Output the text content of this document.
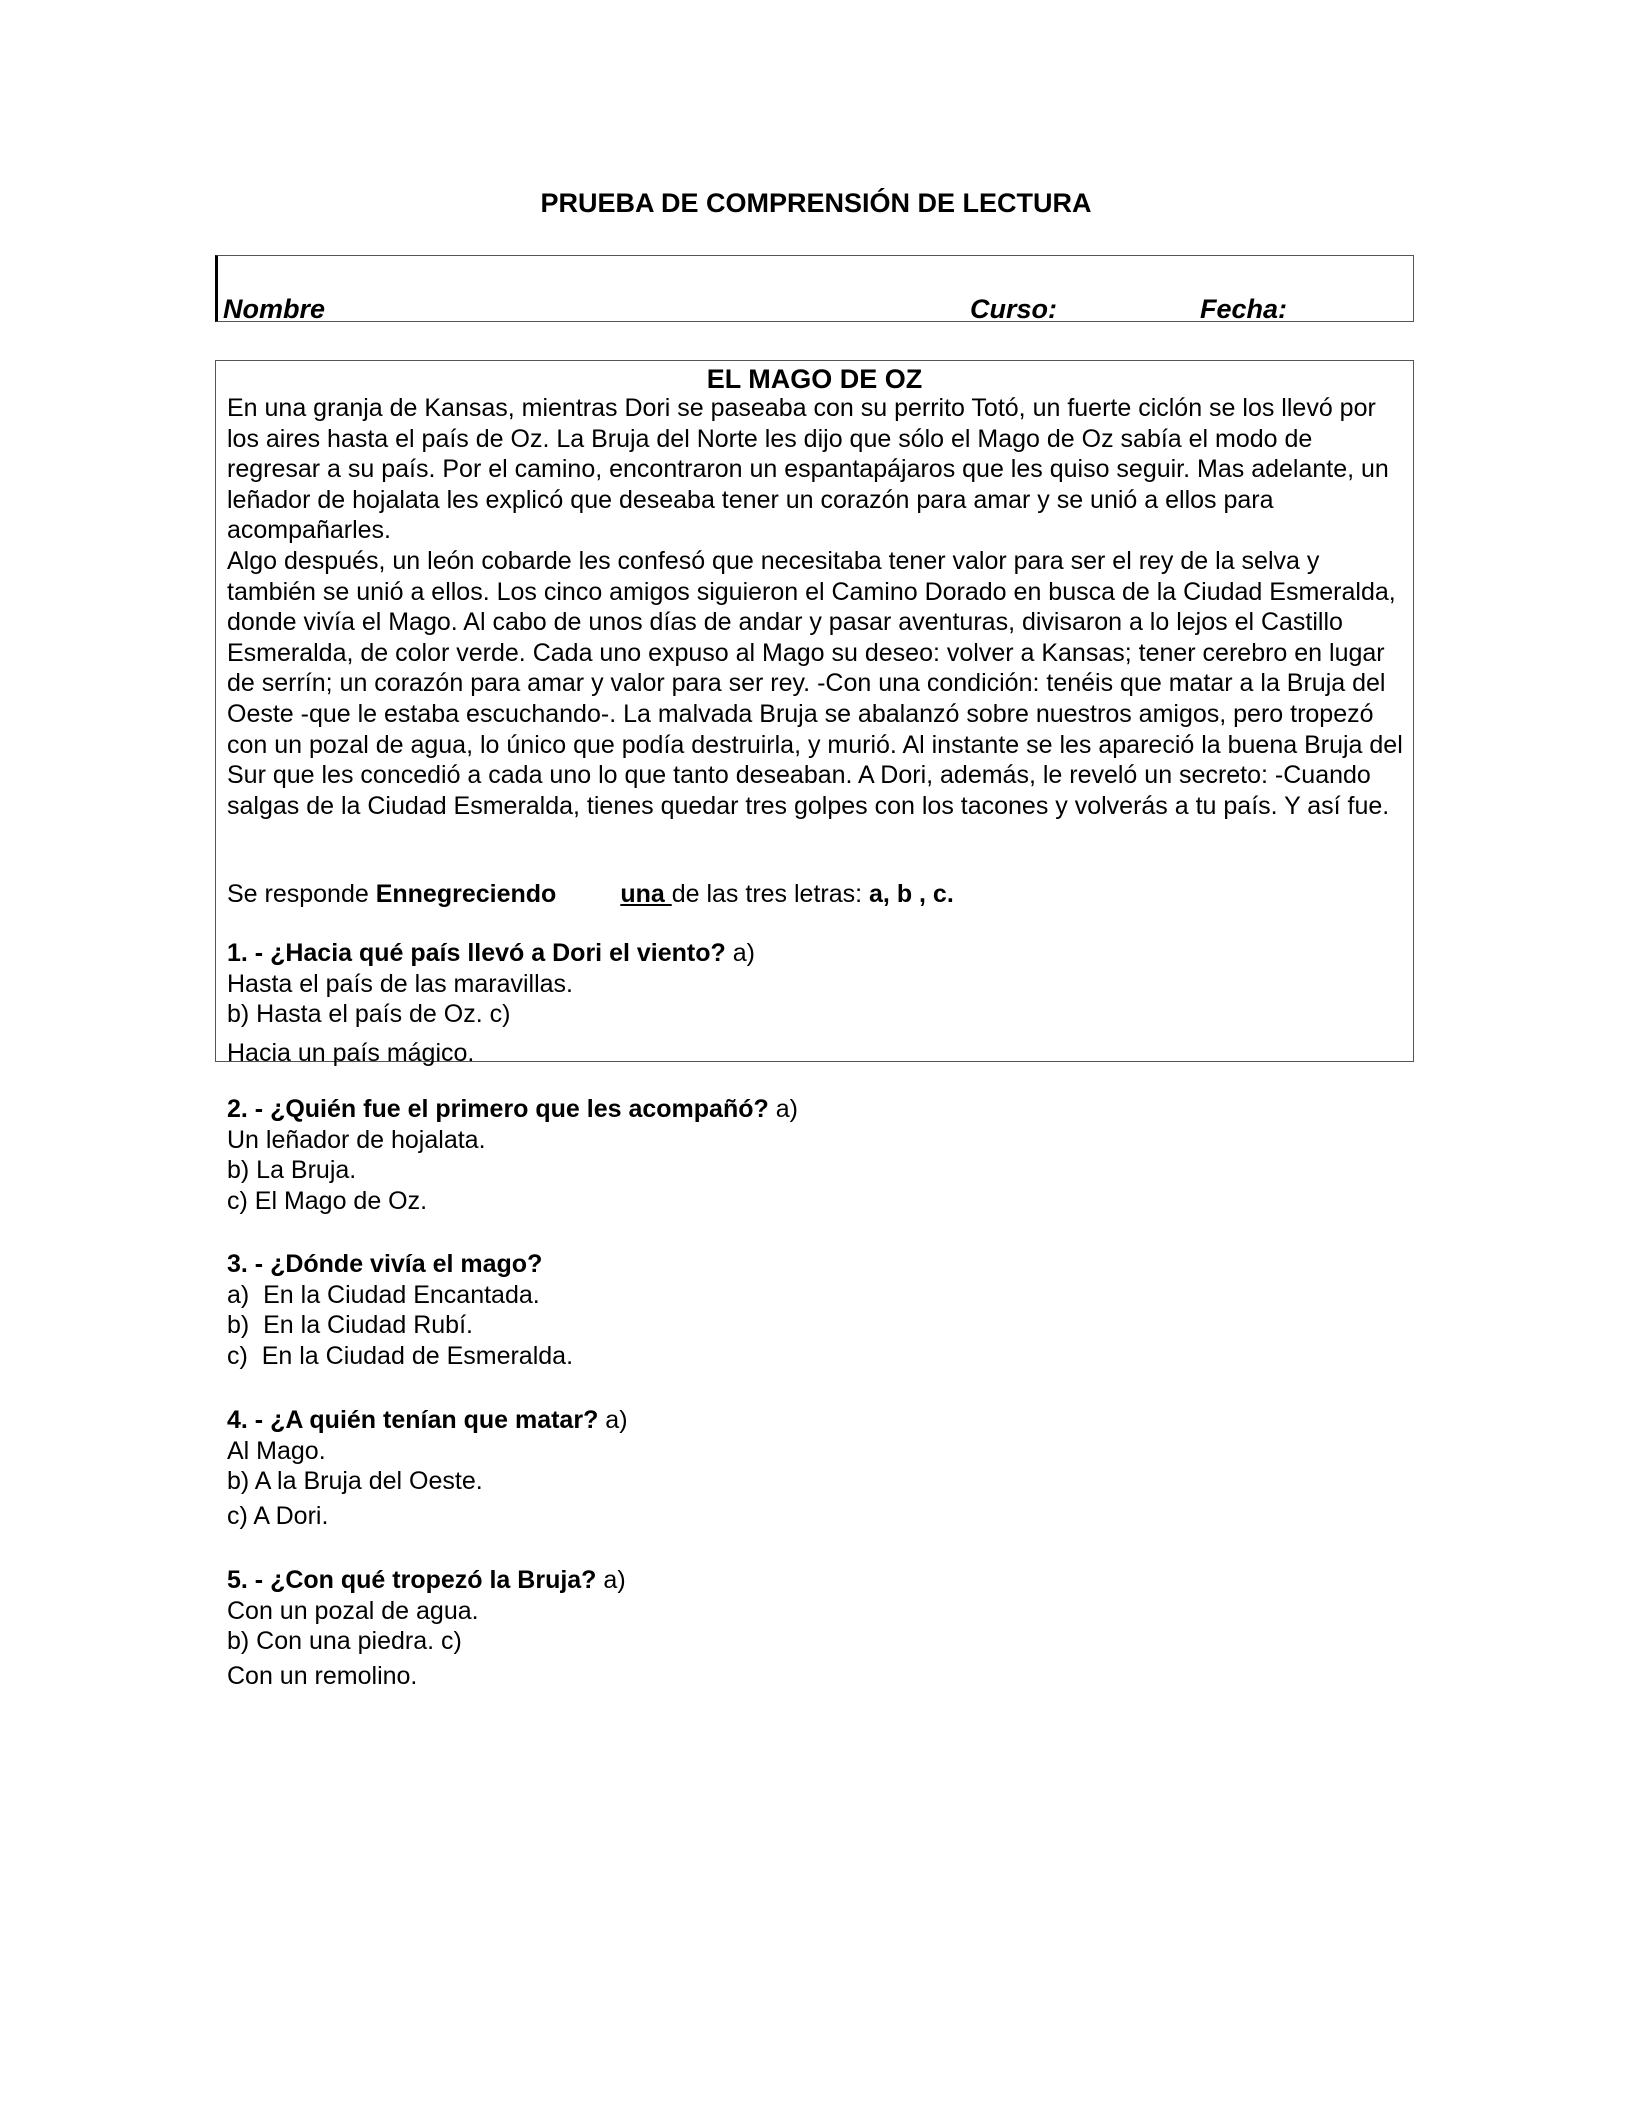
PRUEBA DE COMPRENSIÓN DE LECTURA
Nombre	Curso:	Fecha:
EL MAGO DE OZ

En una granja de Kansas, mientras Dori se paseaba con su perrito Totó, un fuerte ciclón se los llevó por los aires hasta el país de Oz. La Bruja del Norte les dijo que sólo el Mago de Oz sabía el modo de regresar a su país. Por el camino, encontraron un espantapájaros que les quiso seguir. Mas adelante, un leñador de hojalata les explicó que deseaba tener un corazón para amar y se unió a ellos para acompañarles.

Algo después, un león cobarde les confesó que necesitaba tener valor para ser el rey de la selva y también se unió a ellos. Los cinco amigos siguieron el Camino Dorado en busca de la Ciudad Esmeralda, donde vivía el Mago. Al cabo de unos días de andar y pasar aventuras, divisaron a lo lejos el Castillo Esmeralda, de color verde. Cada uno expuso al Mago su deseo: volver a Kansas; tener cerebro en lugar de serrín; un corazón para amar y valor para ser rey. -Con una condición: tenéis que matar a la Bruja del Oeste -que le estaba escuchando-. La malvada Bruja se abalanzó sobre nuestros amigos, pero tropezó con un pozal de agua, lo único que podía destruirla, y murió. Al instante se les apareció la buena Bruja del Sur que les concedió a cada uno lo que tanto deseaban. A Dori, además, le reveló un secreto: -Cuando salgas de la Ciudad Esmeralda, tienes quedar tres golpes con los tacones y volverás a tu país. Y así fue.

Se responde Ennegreciendo	una de las tres letras: a, b , c.
1. - ¿Hacia qué país llevó a Dori el viento? a)
Hasta el país de las maravillas.
b) Hasta el país de Oz. c)
Hacia un país mágico.
2. - ¿Quién fue el primero que les acompañó? a)
Un leñador de hojalata.
b) La Bruja.
c) El Mago de Oz.
3. - ¿Dónde vivía el mago?
a)  En la Ciudad Encantada.
b)  En la Ciudad Rubí.
c)  En la Ciudad de Esmeralda.
4. - ¿A quién tenían que matar? a)
Al Mago.
b) A la Bruja del Oeste.
c) A Dori.
5. - ¿Con qué tropezó la Bruja? a)
Con un pozal de agua.
b) Con una piedra. c)
Con un remolino.
